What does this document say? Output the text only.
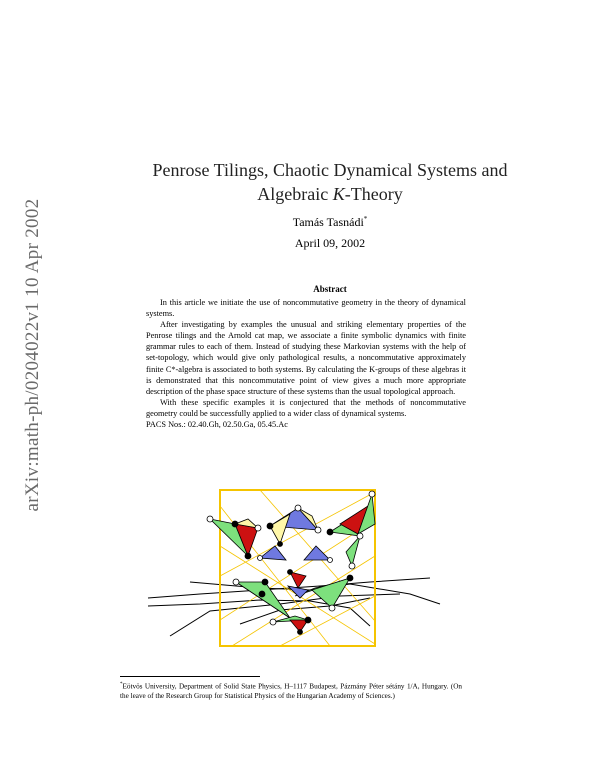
arXiv:math-ph/0204022v1 10 Apr 2002
Penrose Tilings, Chaotic Dynamical Systems and
Algebraic K-Theory
Tamás Tasnádi*
April 09, 2002
Abstract

In this article we initiate the use of noncommutative geometry in the theory of dynamical systems.

After investigating by examples the unusual and striking elementary properties of the Penrose tilings and the Arnold cat map, we associate a finite symbolic dynamics with finite grammar rules to each of them. Instead of studying these Markovian systems with the help of set-topology, which would give only pathological results, a noncommutative approximately finite C*-algebra is associated to both systems. By calculating the K-groups of these algebras it is demonstrated that this noncommutative point of view gives a much more appropriate description of the phase space structure of these systems than the usual topological approach.

With these specific examples it is conjectured that the methods of noncommutative geometry could be successfully applied to a wider class of dynamical systems.

PACS Nos.: 02.40.Gh, 02.50.Ga, 05.45.Ac

*Eötvös University, Department of Solid State Physics, H–1117 Budapest, Pázmány Péter sétány 1/A, Hungary. (On the leave of the Research Group for Statistical Physics of the Hungarian Academy of Sciences.)
